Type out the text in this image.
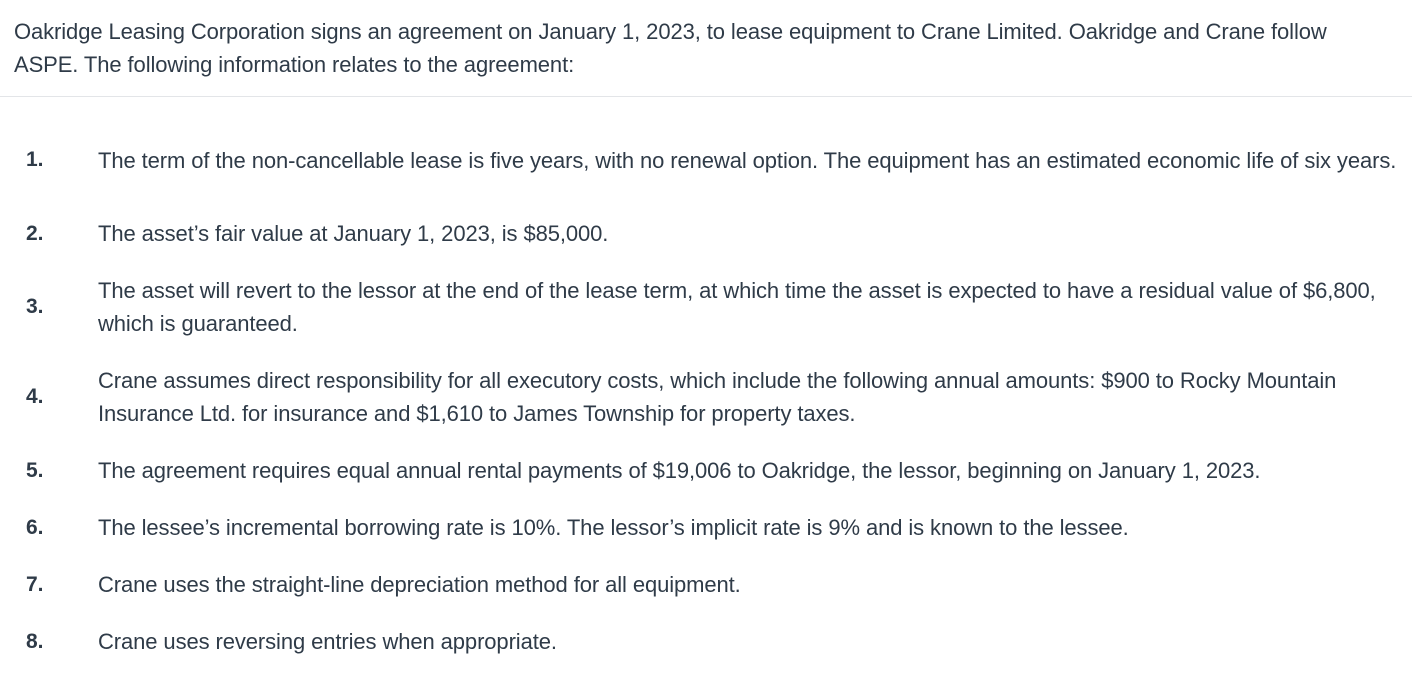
Oakridge Leasing Corporation signs an agreement on January 1, 2023, to lease equipment to Crane Limited. Oakridge and Crane follow ASPE. The following information relates to the agreement:
1.	The term of the non-cancellable lease is five years, with no renewal option. The equipment has an estimated economic life of six years.
2.	The asset’s fair value at January 1, 2023, is $85,000.
3.
The asset will revert to the lessor at the end of the lease term, at which time the asset is expected to have a residual value of $6,800, which is guaranteed.
4.
Crane assumes direct responsibility for all executory costs, which include the following annual amounts: $900 to Rocky Mountain Insurance Ltd. for insurance and $1,610 to James Township for property taxes.
5.	The agreement requires equal annual rental payments of $19,006 to Oakridge, the lessor, beginning on January 1, 2023.
6.	The lessee’s incremental borrowing rate is 10%. The lessor’s implicit rate is 9% and is known to the lessee.
7.	Crane uses the straight-line depreciation method for all equipment.
8.	Crane uses reversing entries when appropriate.
